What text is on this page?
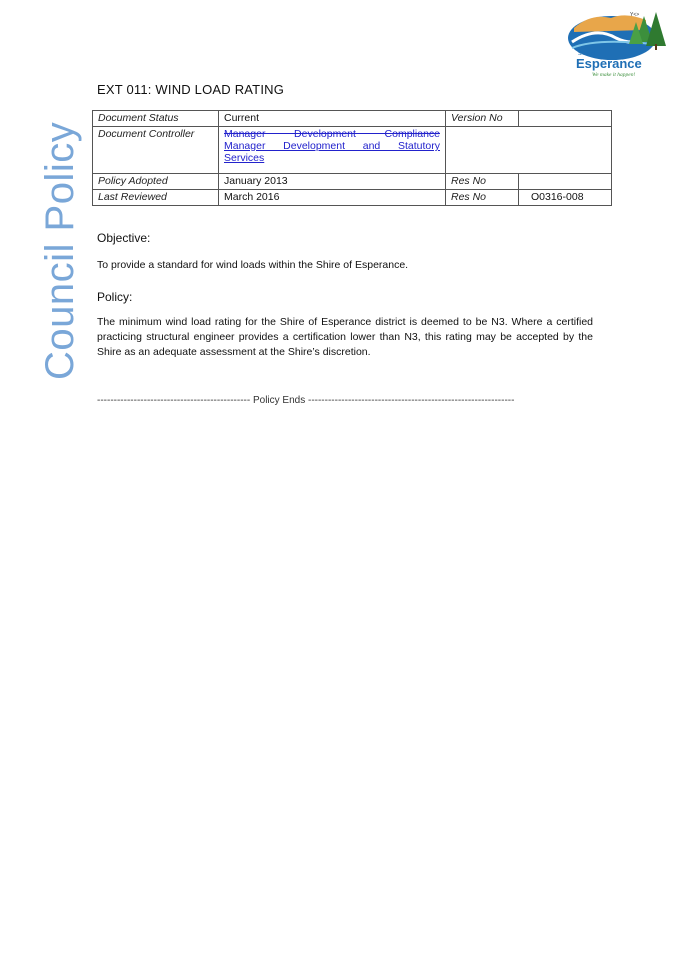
Council Policy
Y<>
Shire of
Esperance
We make it happen!
EXT 011: WIND LOAD RATING
Document Status	Current	Version No	
Document Controller	Manager Development Compliance
Manager Development and Statutory
Services		

Policy Adopted	January 2013	Res No	
Last Reviewed	March 2016	Res No	O0316-008
Objective:
To provide a standard for wind loads within the Shire of Esperance.
Policy:
The minimum wind load rating for the Shire of Esperance district is deemed to be N3. Where a certified practicing structural engineer provides a certification lower than N3, this rating may be accepted by the Shire as an adequate assessment at the Shire’s discretion.
---------------------------------------------- Policy Ends --------------------------------------------------------------
